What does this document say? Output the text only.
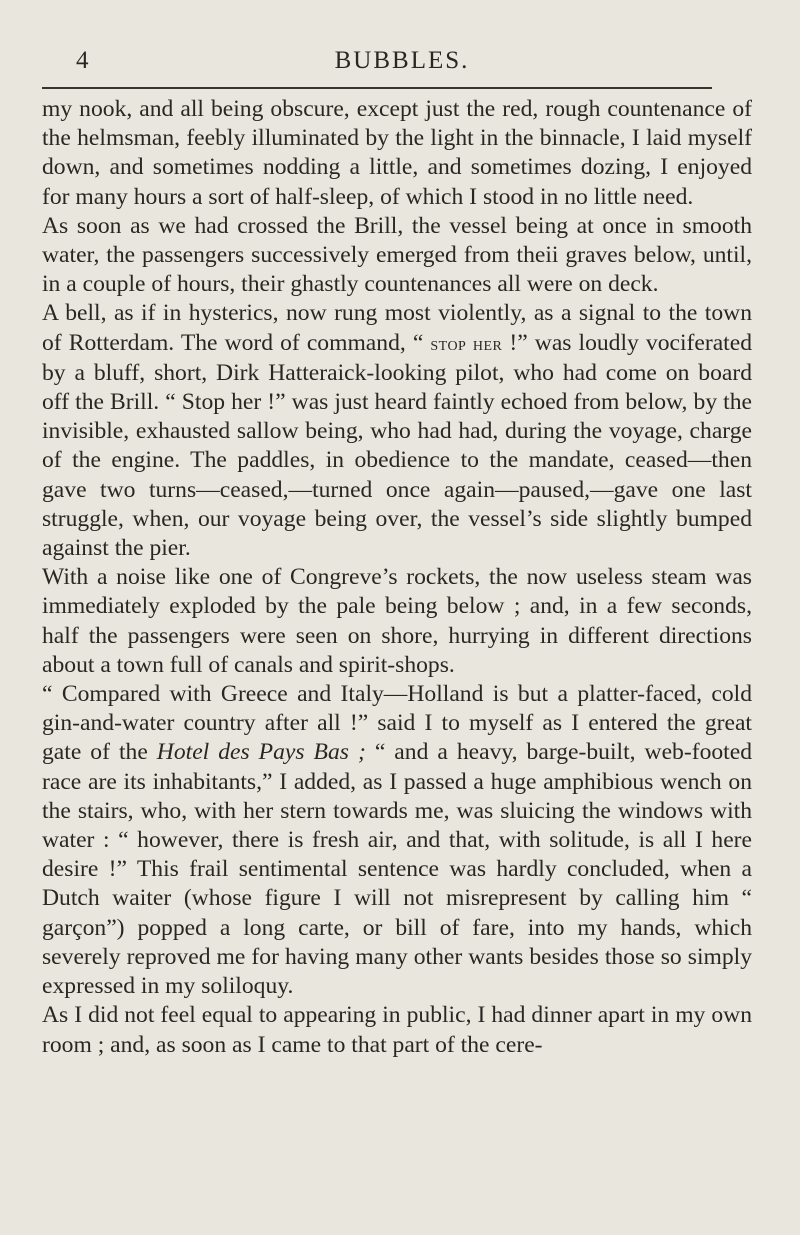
4	BUBBLES.

my nook, and all being obscure, except just the red, rough countenance of the helmsman, feebly illuminated by the light in the binnacle, I laid myself down, and sometimes nodding a little, and sometimes dozing, I enjoyed for many hours a sort of half-sleep, of which I stood in no little need.

As soon as we had crossed the Brill, the vessel being at once in smooth water, the passengers successively emerged from theii graves below, until, in a couple of hours, their ghastly countenances all were on deck.

A bell, as if in hysterics, now rung most violently, as a signal to the town of Rotterdam. The word of command, “ stop her !” was loudly vociferated by a bluff, short, Dirk Hatteraick-looking pilot, who had come on board off the Brill. “ Stop her !” was just heard faintly echoed from below, by the invisible, exhausted sallow being, who had had, during the voyage, charge of the engine. The paddles, in obedience to the mandate, ceased—then gave two turns—ceased,—turned once again—paused,—gave one last struggle, when, our voyage being over, the vessel’s side slightly bumped against the pier.

With a noise like one of Congreve’s rockets, the now useless steam was immediately exploded by the pale being below ; and, in a few seconds, half the passengers were seen on shore, hurrying in different directions about a town full of canals and spirit-shops.

“ Compared with Greece and Italy—Holland is but a platter-faced, cold gin-and-water country after all !” said I to myself as I entered the great gate of the Hotel des Pays Bas ; “ and a heavy, barge-built, web-footed race are its inhabitants,” I added, as I passed a huge amphibious wench on the stairs, who, with her stern towards me, was sluicing the windows with water : “ however, there is fresh air, and that, with solitude, is all I here desire !” This frail sentimental sentence was hardly concluded, when a Dutch waiter (whose figure I will not misrepresent by calling him “ garçon”) popped a long carte, or bill of fare, into my hands, which severely reproved me for having many other wants besides those so simply expressed in my soliloquy.

As I did not feel equal to appearing in public, I had dinner apart in my own room ; and, as soon as I came to that part of the cere-
